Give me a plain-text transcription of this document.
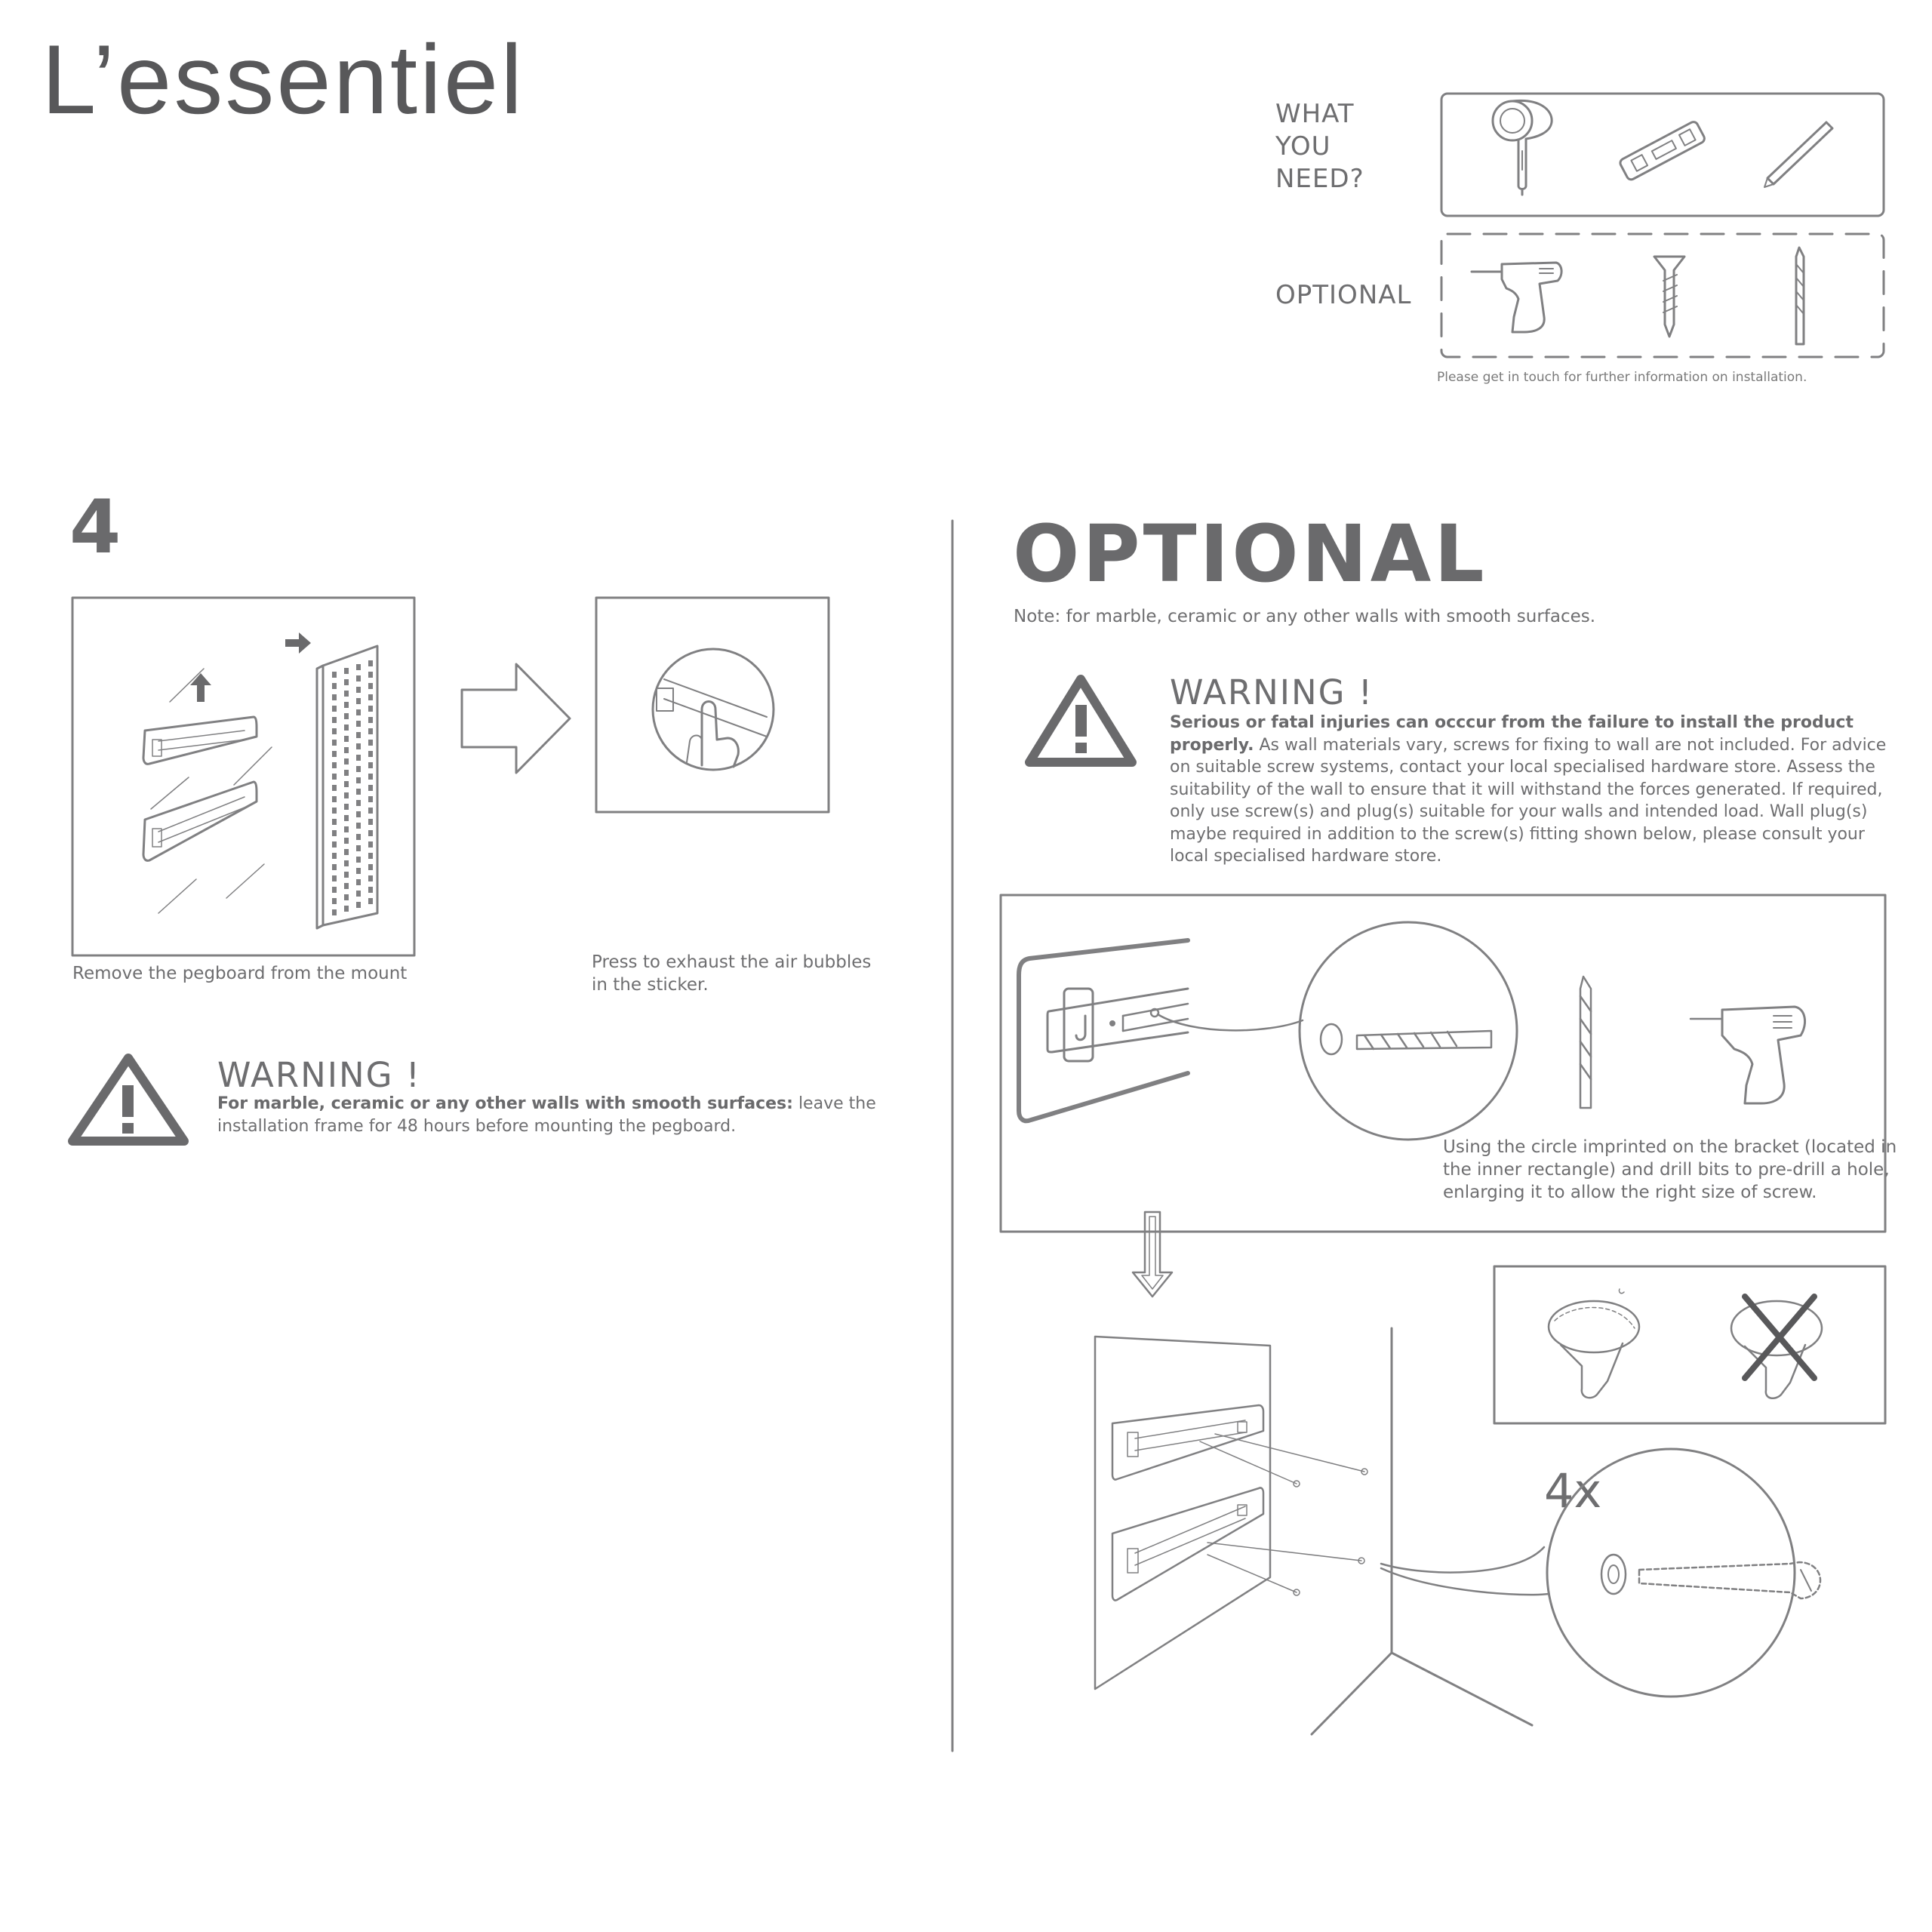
L’essentiel	WHAT
YOU
NEED?
OPTIONAL
Please get in touch for further information on installation.
4
Remove the pegboard from the mount
Press to exhaust the air bubbles
in the sticker.
WARNING !
For marble, ceramic or any other walls with smooth surfaces: leave the
installation frame for 48 hours before mounting the pegboard.
OPTIONAL
Note: for marble, ceramic or any other walls with smooth surfaces.
WARNING !
Serious or fatal injuries can occcur from the failure to install the product
properly. As wall materials vary, screws for fixing to wall are not included. For advice
on suitable screw systems, contact your local specialised hardware store. Assess the
suitability of the wall to ensure that it will withstand the forces generated. If required,
only use screw(s) and plug(s) suitable for your walls and intended load. Wall plug(s)
maybe required in addition to the screw(s) fitting shown below, please consult your
local specialised hardware store.
Using the circle imprinted on the bracket (located in
the inner rectangle) and drill bits to pre-drill a hole,
enlarging it to allow the right size of screw.
4x
